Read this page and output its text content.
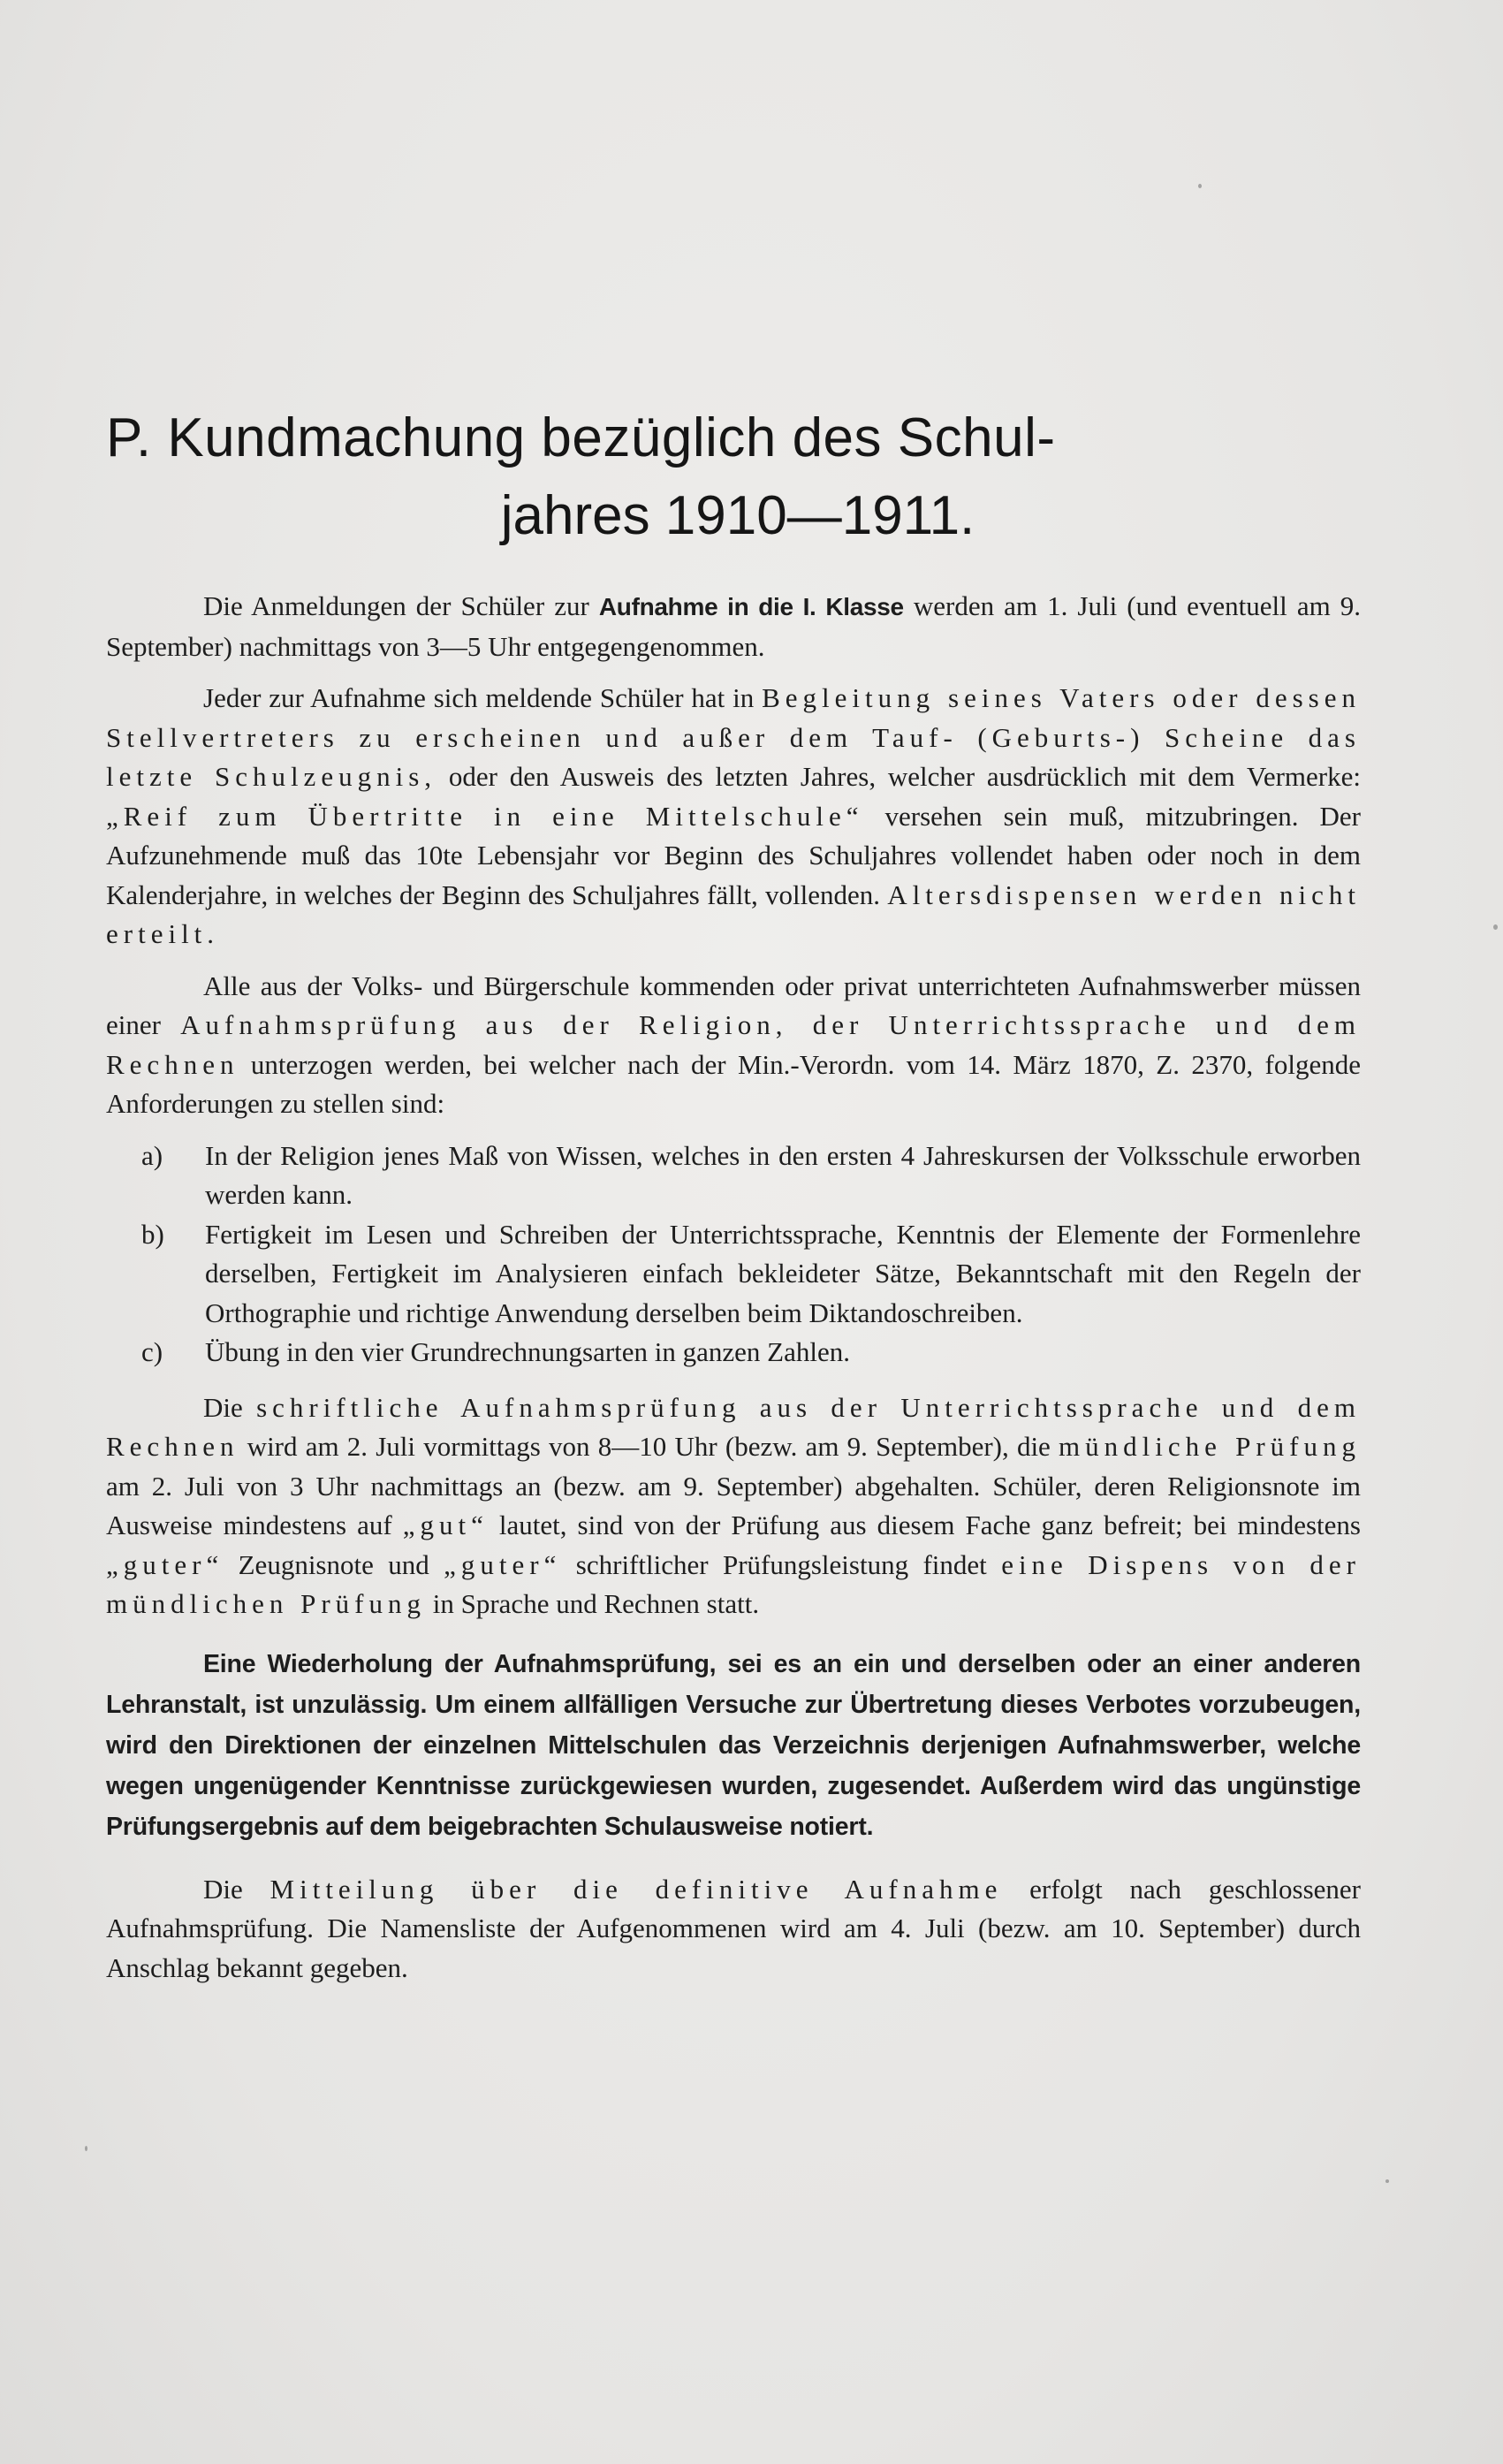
P. Kundmachung bezüglich des Schul-
jahres 1910—1911.

Die Anmeldungen der Schüler zur Aufnahme in die I. Klasse werden am 1. Juli (und eventuell am 9. September) nachmittags von 3—5 Uhr entgegengenommen.

Jeder zur Aufnahme sich meldende Schüler hat in Begleitung seines Vaters oder dessen Stellvertreters zu erscheinen und außer dem Tauf- (Geburts-) Scheine das letzte Schulzeugnis, oder den Ausweis des letzten Jahres, welcher ausdrücklich mit dem Vermerke: „Reif zum Übertritte in eine Mittelschule“ versehen sein muß, mitzubringen. Der Aufzunehmende muß das 10te Lebensjahr vor Beginn des Schuljahres vollendet haben oder noch in dem Kalenderjahre, in welches der Beginn des Schuljahres fällt, vollenden. Altersdispensen werden nicht erteilt.

Alle aus der Volks- und Bürgerschule kommenden oder privat unterrichteten Aufnahmswerber müssen einer Aufnahmsprüfung aus der Religion, der Unterrichtssprache und dem Rechnen unterzogen werden, bei welcher nach der Min.-Verordn. vom 14. März 1870, Z. 2370, folgende Anforderungen zu stellen sind:

a) In der Religion jenes Maß von Wissen, welches in den ersten 4 Jahreskursen der Volksschule erworben werden kann.
b) Fertigkeit im Lesen und Schreiben der Unterrichtssprache, Kenntnis der Elemente der Formenlehre derselben, Fertigkeit im Analysieren einfach bekleideter Sätze, Bekanntschaft mit den Regeln der Orthographie und richtige Anwendung derselben beim Diktandoschreiben.
c) Übung in den vier Grundrechnungsarten in ganzen Zahlen.

Die schriftliche Aufnahmsprüfung aus der Unterrichtssprache und dem Rechnen wird am 2. Juli vormittags von 8—10 Uhr (bezw. am 9. September), die mündliche Prüfung am 2. Juli von 3 Uhr nachmittags an (bezw. am 9. September) abgehalten. Schüler, deren Religionsnote im Ausweise mindestens auf „gut“ lautet, sind von der Prüfung aus diesem Fache ganz befreit; bei mindestens „guter“ Zeugnisnote und „guter“ schriftlicher Prüfungsleistung findet eine Dispens von der mündlichen Prüfung in Sprache und Rechnen statt.

Eine Wiederholung der Aufnahmsprüfung, sei es an ein und derselben oder an einer anderen Lehranstalt, ist unzulässig. Um einem allfälligen Versuche zur Übertretung dieses Verbotes vorzubeugen, wird den Direktionen der einzelnen Mittelschulen das Verzeichnis derjenigen Aufnahmswerber, welche wegen ungenügender Kenntnisse zurückgewiesen wurden, zugesendet. Außerdem wird das ungünstige Prüfungsergebnis auf dem beigebrachten Schulausweise notiert.

Die Mitteilung über die definitive Aufnahme erfolgt nach geschlossener Aufnahmsprüfung. Die Namensliste der Aufgenommenen wird am 4. Juli (bezw. am 10. September) durch Anschlag bekannt gegeben.
